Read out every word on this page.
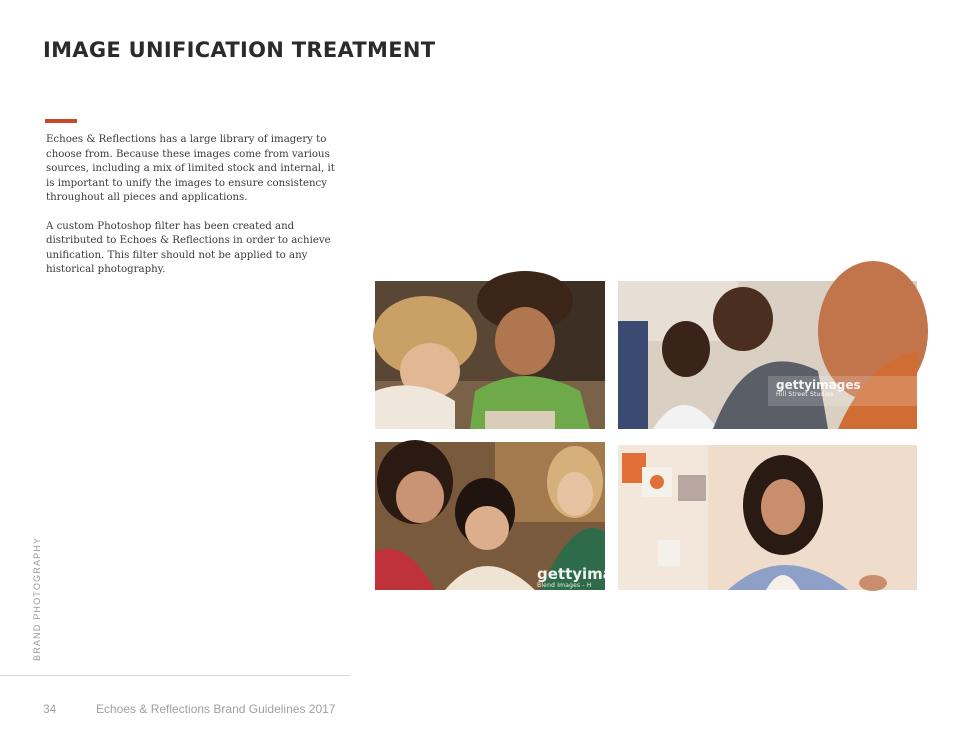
IMAGE UNIFICATION TREATMENT

Echoes & Reflections has a large library of imagery to choose from. Because these images come from various sources, including a mix of limited stock and internal, it is important to unify the images to ensure consistency throughout all pieces and applications.

A custom Photoshop filter has been created and distributed to Echoes & Reflections in order to achieve unification. This filter should not be applied to any historical photography.

gettyimages
Hill Street Studios
gettyima
Blend Images - H
BRAND PHOTOGRAPHY
34	Echoes & Reflections Brand Guidelines 2017
